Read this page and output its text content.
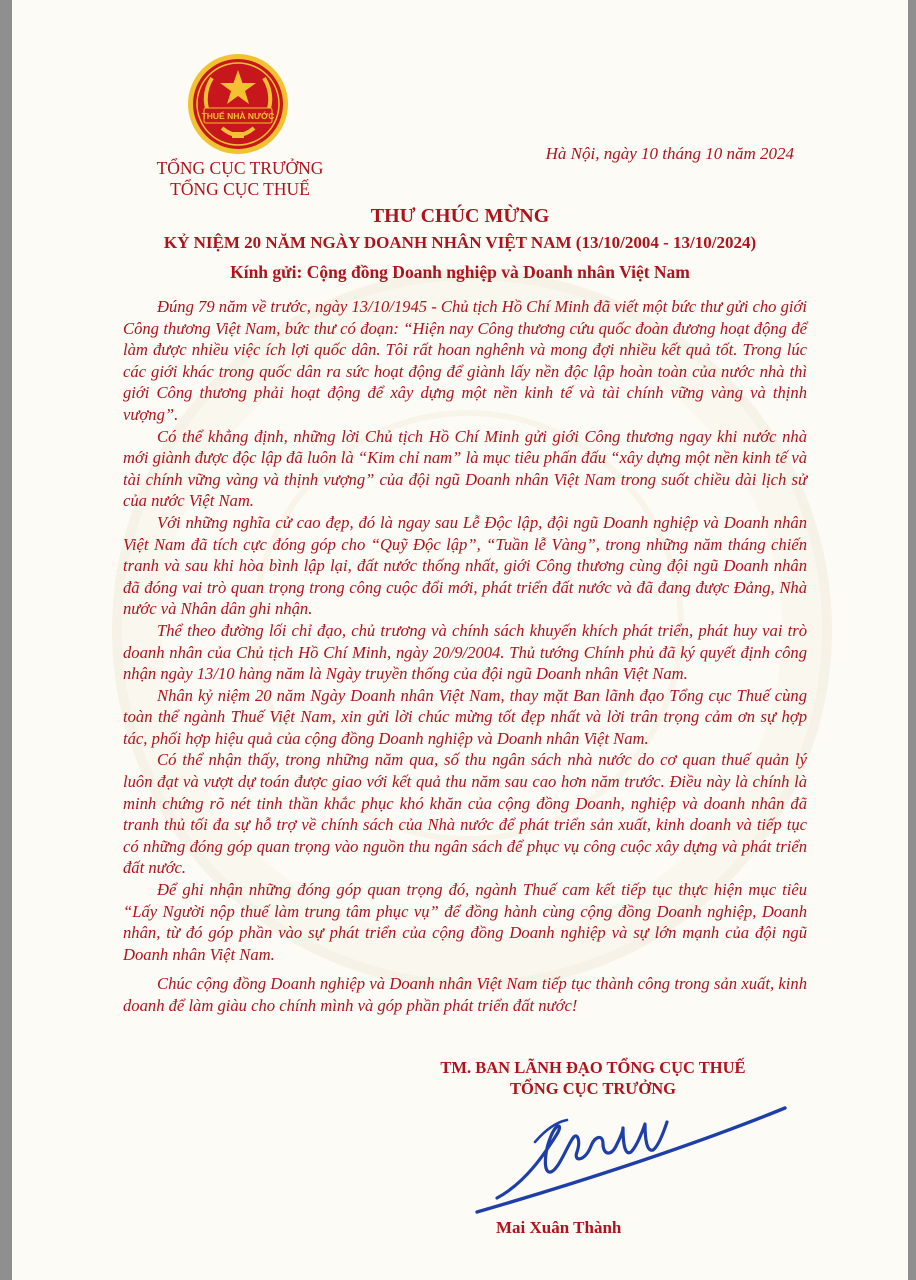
THUẾ NHÀ NƯỚC
TỔNG CỤC TRƯỞNG
TỔNG CỤC THUẾ
Hà Nội, ngày 10 tháng 10 năm 2024
THƯ CHÚC MỪNG
KỶ NIỆM 20 NĂM NGÀY DOANH NHÂN VIỆT NAM (13/10/2004 - 13/10/2024)
Kính gửi: Cộng đồng Doanh nghiệp và Doanh nhân Việt Nam

Đúng 79 năm về trước, ngày 13/10/1945 - Chủ tịch Hồ Chí Minh đã viết một bức thư gửi cho giới Công thương Việt Nam, bức thư có đoạn: “Hiện nay Công thương cứu quốc đoàn đương hoạt động để làm được nhiều việc ích lợi quốc dân. Tôi rất hoan nghênh và mong đợi nhiều kết quả tốt. Trong lúc các giới khác trong quốc dân ra sức hoạt động để giành lấy nền độc lập hoàn toàn của nước nhà thì giới Công thương phải hoạt động để xây dựng một nền kinh tế và tài chính vững vàng và thịnh vượng”.

Có thể khẳng định, những lời Chủ tịch Hồ Chí Minh gửi giới Công thương ngay khi nước nhà mới giành được độc lập đã luôn là “Kim chỉ nam” là mục tiêu phấn đấu “xây dựng một nền kinh tế và tài chính vững vàng và thịnh vượng” của đội ngũ Doanh nhân Việt Nam trong suốt chiều dài lịch sử của nước Việt Nam.

Với những nghĩa cử cao đẹp, đó là ngay sau Lễ Độc lập, đội ngũ Doanh nghiệp và Doanh nhân Việt Nam đã tích cực đóng góp cho “Quỹ Độc lập”, “Tuần lễ Vàng”, trong những năm tháng chiến tranh và sau khi hòa bình lập lại, đất nước thống nhất, giới Công thương cùng đội ngũ Doanh nhân đã đóng vai trò quan trọng trong công cuộc đổi mới, phát triển đất nước và đã đang được Đảng, Nhà nước và Nhân dân ghi nhận.

Thể theo đường lối chỉ đạo, chủ trương và chính sách khuyến khích phát triển, phát huy vai trò doanh nhân của Chủ tịch Hồ Chí Minh, ngày 20/9/2004. Thủ tướng Chính phủ đã ký quyết định công nhận ngày 13/10 hàng năm là Ngày truyền thống của đội ngũ Doanh nhân Việt Nam.

Nhân kỷ niệm 20 năm Ngày Doanh nhân Việt Nam, thay mặt Ban lãnh đạo Tổng cục Thuế cùng toàn thể ngành Thuế Việt Nam, xin gửi lời chúc mừng tốt đẹp nhất và lời trân trọng cảm ơn sự hợp tác, phối hợp hiệu quả của cộng đồng Doanh nghiệp và Doanh nhân Việt Nam.

Có thể nhận thấy, trong những năm qua, số thu ngân sách nhà nước do cơ quan thuế quản lý luôn đạt và vượt dự toán được giao với kết quả thu năm sau cao hơn năm trước. Điều này là chính là minh chứng rõ nét tinh thần khắc phục khó khăn của cộng đồng Doanh, nghiệp và doanh nhân đã tranh thủ tối đa sự hỗ trợ về chính sách của Nhà nước để phát triển sản xuất, kinh doanh và tiếp tục có những đóng góp quan trọng vào nguồn thu ngân sách để phục vụ công cuộc xây dựng và phát triển đất nước.

Để ghi nhận những đóng góp quan trọng đó, ngành Thuế cam kết tiếp tục thực hiện mục tiêu “Lấy Người nộp thuế làm trung tâm phục vụ” để đồng hành cùng cộng đồng Doanh nghiệp, Doanh nhân, từ đó góp phần vào sự phát triển của cộng đồng Doanh nghiệp và sự lớn mạnh của đội ngũ Doanh nhân Việt Nam.

Chúc cộng đồng Doanh nghiệp và Doanh nhân Việt Nam tiếp tục thành công trong sản xuất, kinh doanh để làm giàu cho chính mình và góp phần phát triển đất nước!

TM. BAN LÃNH ĐẠO TỔNG CỤC THUẾ
TỔNG CỤC TRƯỞNG
Mai Xuân Thành
